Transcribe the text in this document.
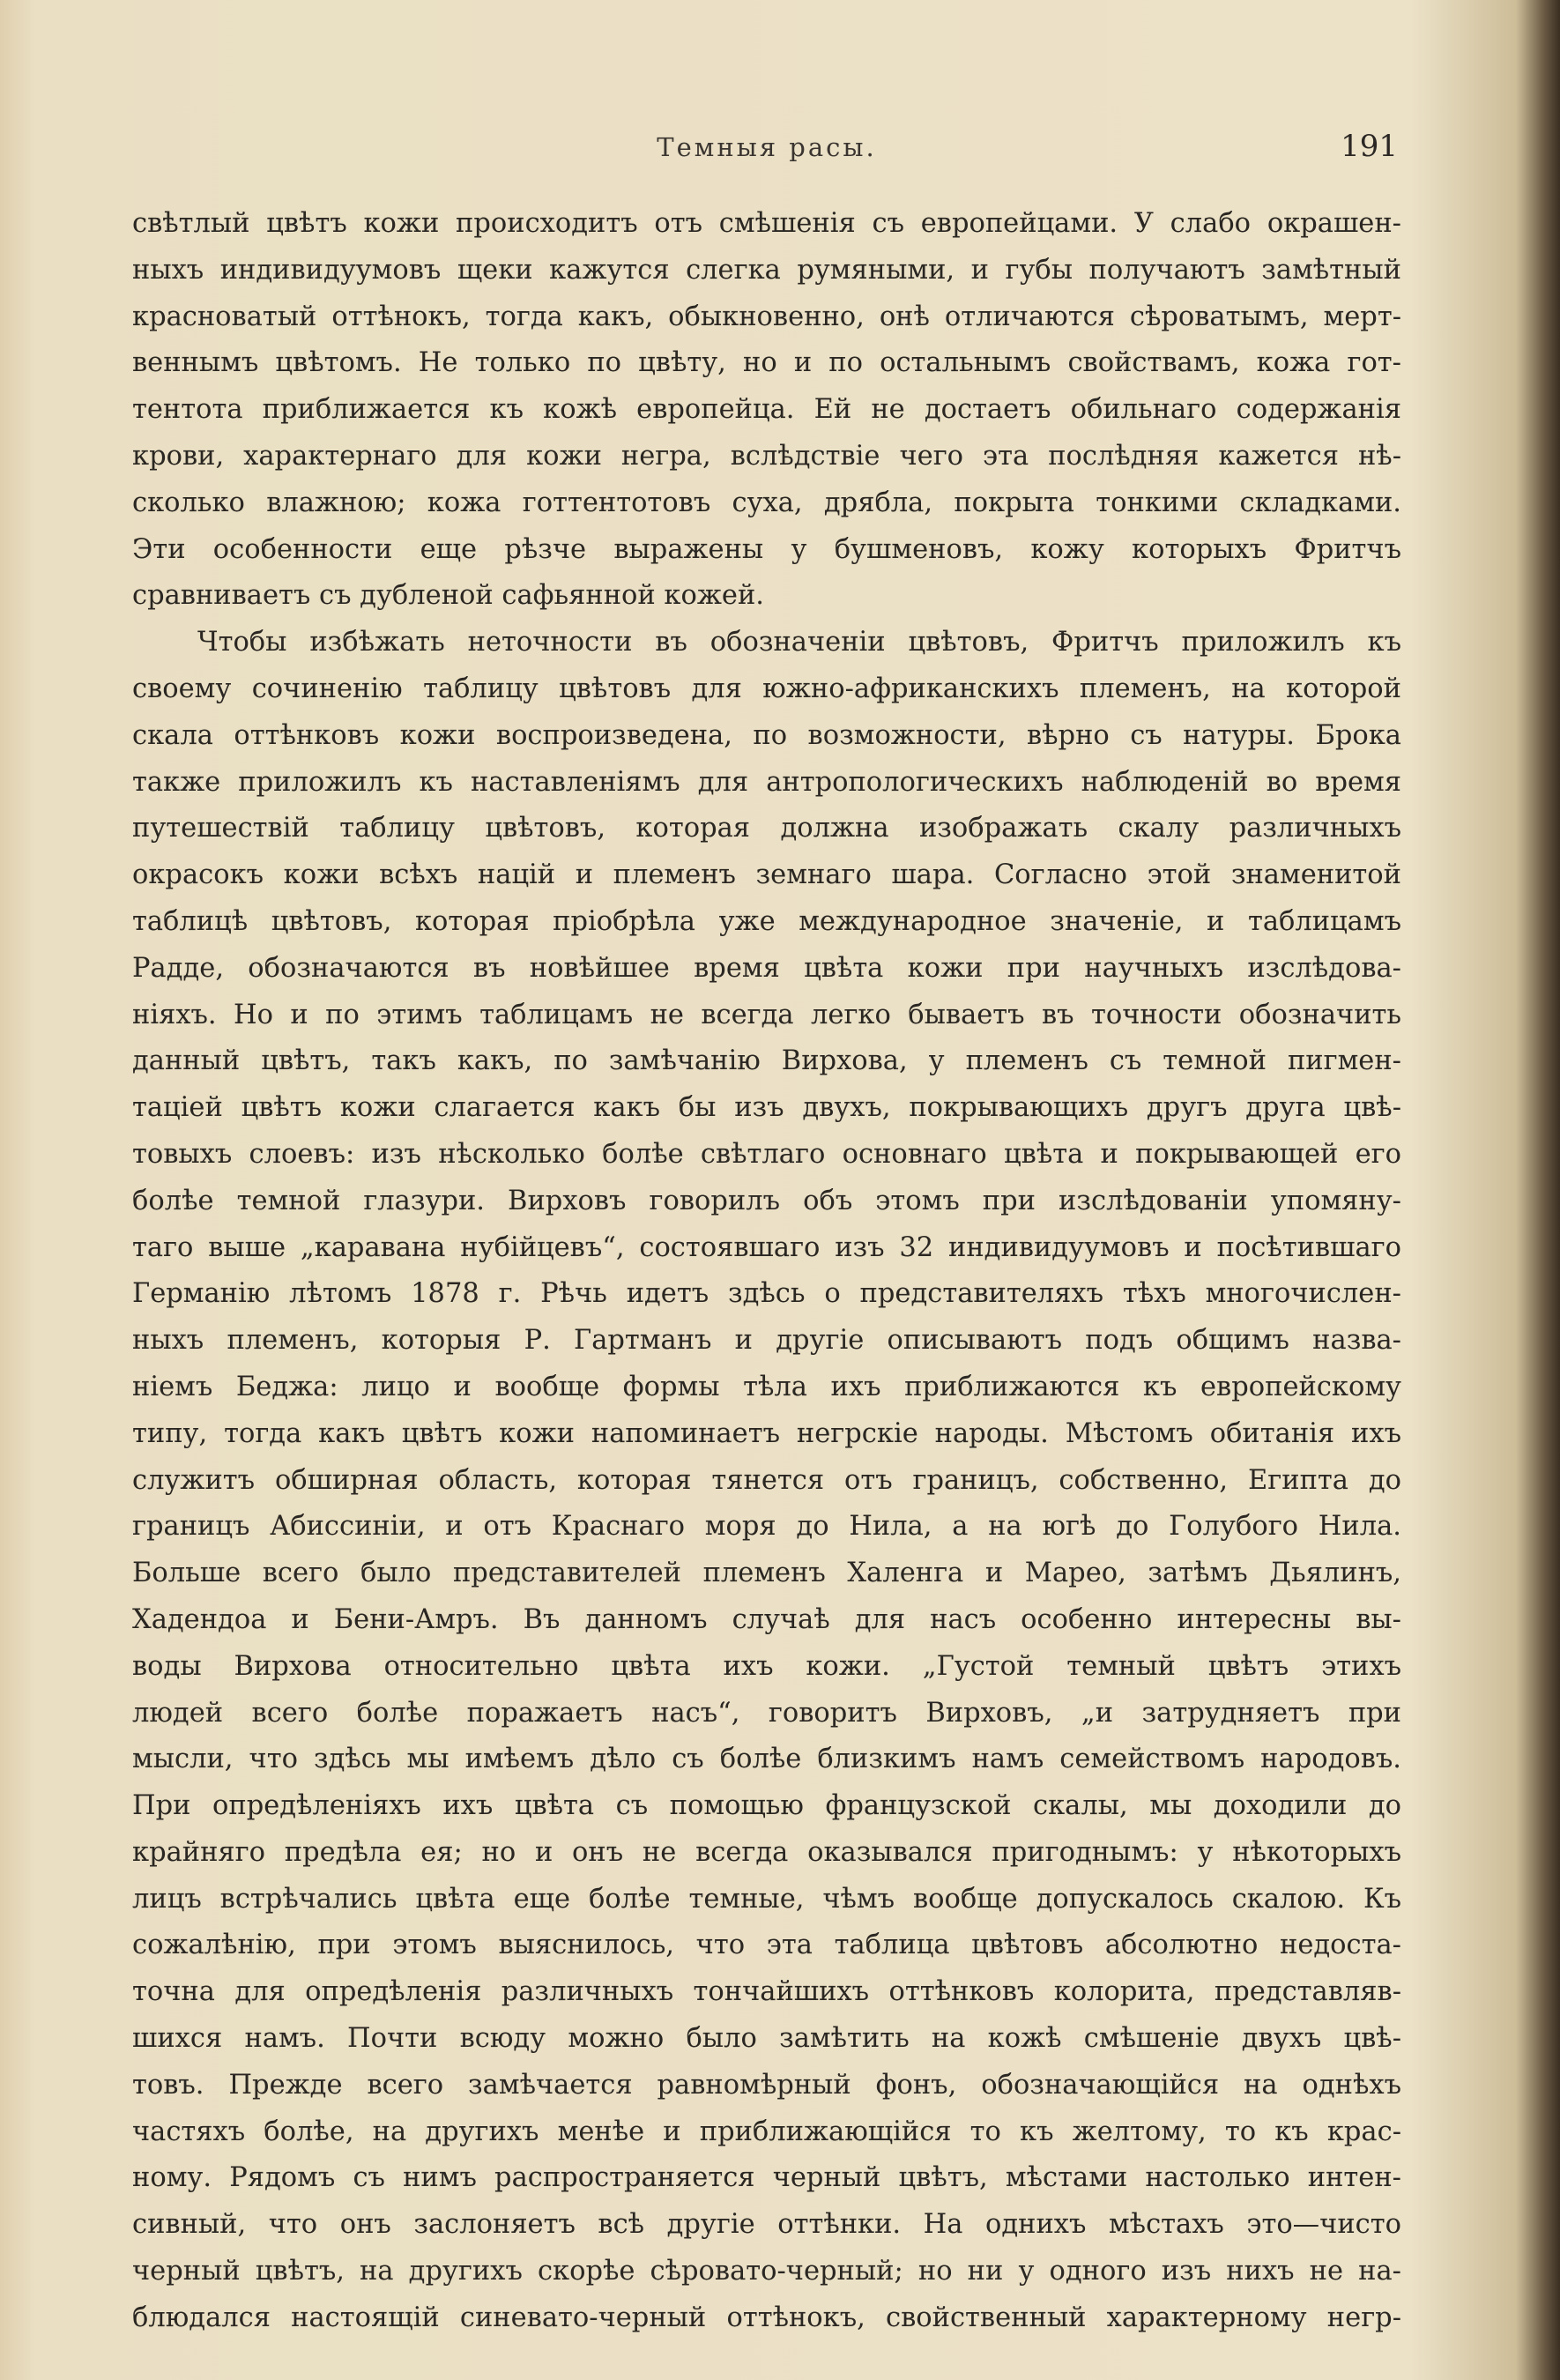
Темныя расы.	191
свѣтлый цвѣтъ кожи происходитъ отъ смѣшенія съ европейцами. У слабо окрашен-
ныхъ индивидуумовъ щеки кажутся слегка румяными, и губы получаютъ замѣтный
красноватый оттѣнокъ, тогда какъ, обыкновенно, онѣ отличаются сѣроватымъ, мерт-
веннымъ цвѣтомъ. Не только по цвѣту, но и по остальнымъ свойствамъ, кожа гот-
тентота приближается къ кожѣ европейца. Ей не достаетъ обильнаго содержанія
крови, характернаго для кожи негра, вслѣдствіе чего эта послѣдняя кажется нѣ-
сколько влажною; кожа готтентотовъ суха, дрябла, покрыта тонкими складками.
Эти особенности еще рѣзче выражены у бушменовъ, кожу которыхъ Фритчъ
сравниваетъ съ дубленой сафьянной кожей.
Чтобы избѣжать неточности въ обозначеніи цвѣтовъ, Фритчъ приложилъ къ
своему сочиненію таблицу цвѣтовъ для южно-африканскихъ племенъ, на которой
скала оттѣнковъ кожи воспроизведена, по возможности, вѣрно съ натуры. Брока
также приложилъ къ наставленіямъ для антропологическихъ наблюденій во время
путешествій таблицу цвѣтовъ, которая должна изображать скалу различныхъ
окрасокъ кожи всѣхъ націй и племенъ земнаго шара. Согласно этой знаменитой
таблицѣ цвѣтовъ, которая пріобрѣла уже международное значеніе, и таблицамъ
Радде, обозначаются въ новѣйшее время цвѣта кожи при научныхъ изслѣдова-
ніяхъ. Но и по этимъ таблицамъ не всегда легко бываетъ въ точности обозначить
данный цвѣтъ, такъ какъ, по замѣчанію Вирхова, у племенъ съ темной пигмен-
таціей цвѣтъ кожи слагается какъ бы изъ двухъ, покрывающихъ другъ друга цвѣ-
товыхъ слоевъ: изъ нѣсколько болѣе свѣтлаго основнаго цвѣта и покрывающей его
болѣе темной глазури. Вирховъ говорилъ объ этомъ при изслѣдованіи упомяну-
таго выше „каравана нубійцевъ“, состоявшаго изъ 32 индивидуумовъ и посѣтившаго
Германію лѣтомъ 1878 г. Рѣчь идетъ здѣсь о представителяхъ тѣхъ многочислен-
ныхъ племенъ, которыя Р. Гартманъ и другіе описываютъ подъ общимъ назва-
ніемъ Беджа: лицо и вообще формы тѣла ихъ приближаются къ европейскому
типу, тогда какъ цвѣтъ кожи напоминаетъ негрскіе народы. Мѣстомъ обитанія ихъ
служитъ обширная область, которая тянется отъ границъ, собственно, Египта до
границъ Абиссиніи, и отъ Краснаго моря до Нила, а на югѣ до Голубого Нила.
Больше всего было представителей племенъ Халенга и Мареo, затѣмъ Дьялинъ,
Хадендоа и Бени-Амръ. Въ данномъ случаѣ для насъ особенно интересны вы-
воды Вирхова относительно цвѣта ихъ кожи. „Густой темный цвѣтъ этихъ
людей всего болѣе поражаетъ насъ“, говоритъ Вирховъ, „и затрудняетъ при
мысли, что здѣсь мы имѣемъ дѣло съ болѣе близкимъ намъ семействомъ народовъ.
При опредѣленіяхъ ихъ цвѣта съ помощью французской скалы, мы доходили до
крайняго предѣла ея; но и онъ не всегда оказывался пригоднымъ: у нѣкоторыхъ
лицъ встрѣчались цвѣта еще болѣе темные, чѣмъ вообще допускалось скалою. Къ
сожалѣнію, при этомъ выяснилось, что эта таблица цвѣтовъ абсолютно недоста-
точна для опредѣленія различныхъ тончайшихъ оттѣнковъ колорита, представляв-
шихся намъ. Почти всюду можно было замѣтить на кожѣ смѣшеніе двухъ цвѣ-
товъ. Прежде всего замѣчается равномѣрный фонъ, обозначающійся на однѣхъ
частяхъ болѣе, на другихъ менѣе и приближающійся то къ желтому, то къ крас-
ному. Рядомъ съ нимъ распространяется черный цвѣтъ, мѣстами настолько интен-
сивный, что онъ заслоняетъ всѣ другіе оттѣнки. На однихъ мѣстахъ это—чисто
черный цвѣтъ, на другихъ скорѣе сѣровато-черный; но ни у одного изъ нихъ не на-
блюдался настоящій синевато-черный оттѣнокъ, свойственный характерному негр-
